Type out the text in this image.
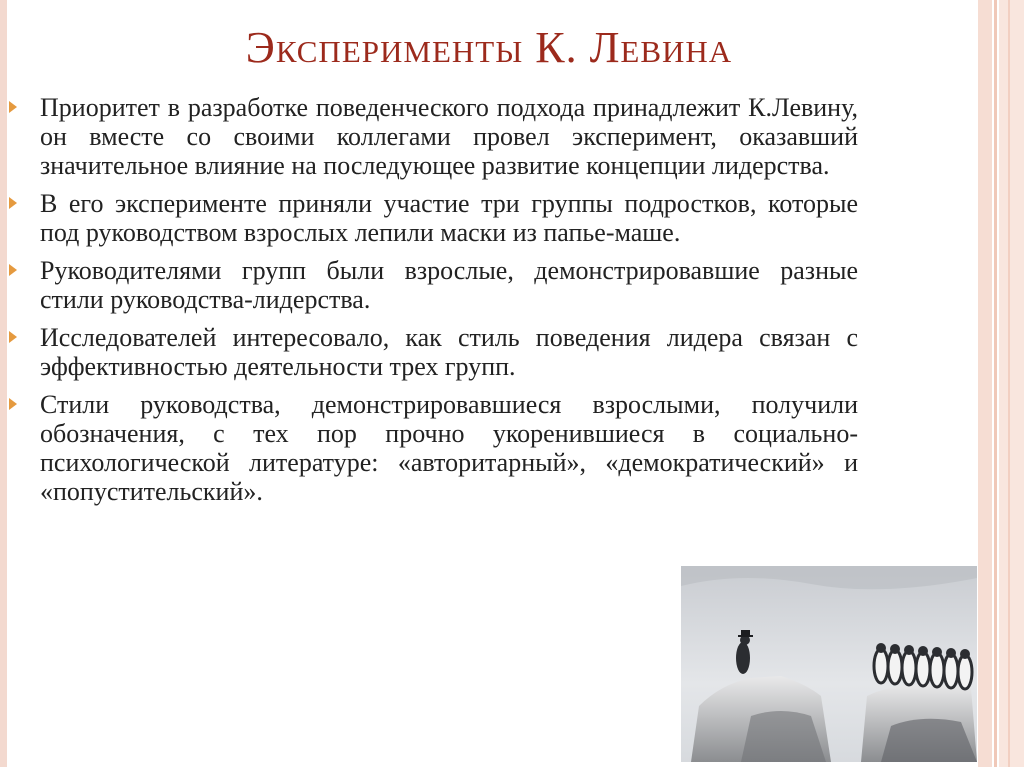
Эксперименты К. Левина
Приоритет в разработке поведенческого подхода принадлежит К.Левину, он вместе со своими коллегами провел эксперимент, оказавший значительное влияние на последующее развитие концепции лидерства.
В его эксперименте приняли участие три группы подростков, которые под руководством взрослых лепили маски из папье-маше.
Руководителями групп были взрослые, демонстрировавшие разные стили руководства-лидерства.
Исследователей интересовало, как стиль поведения лидера связан с эффективностью деятельности трех групп.
Стили руководства, демонстрировавшиеся взрослыми, получили обозначения, с тех пор прочно укоренившиеся в социально-психологической литературе: «авторитарный», «демократический» и «попустительский».
